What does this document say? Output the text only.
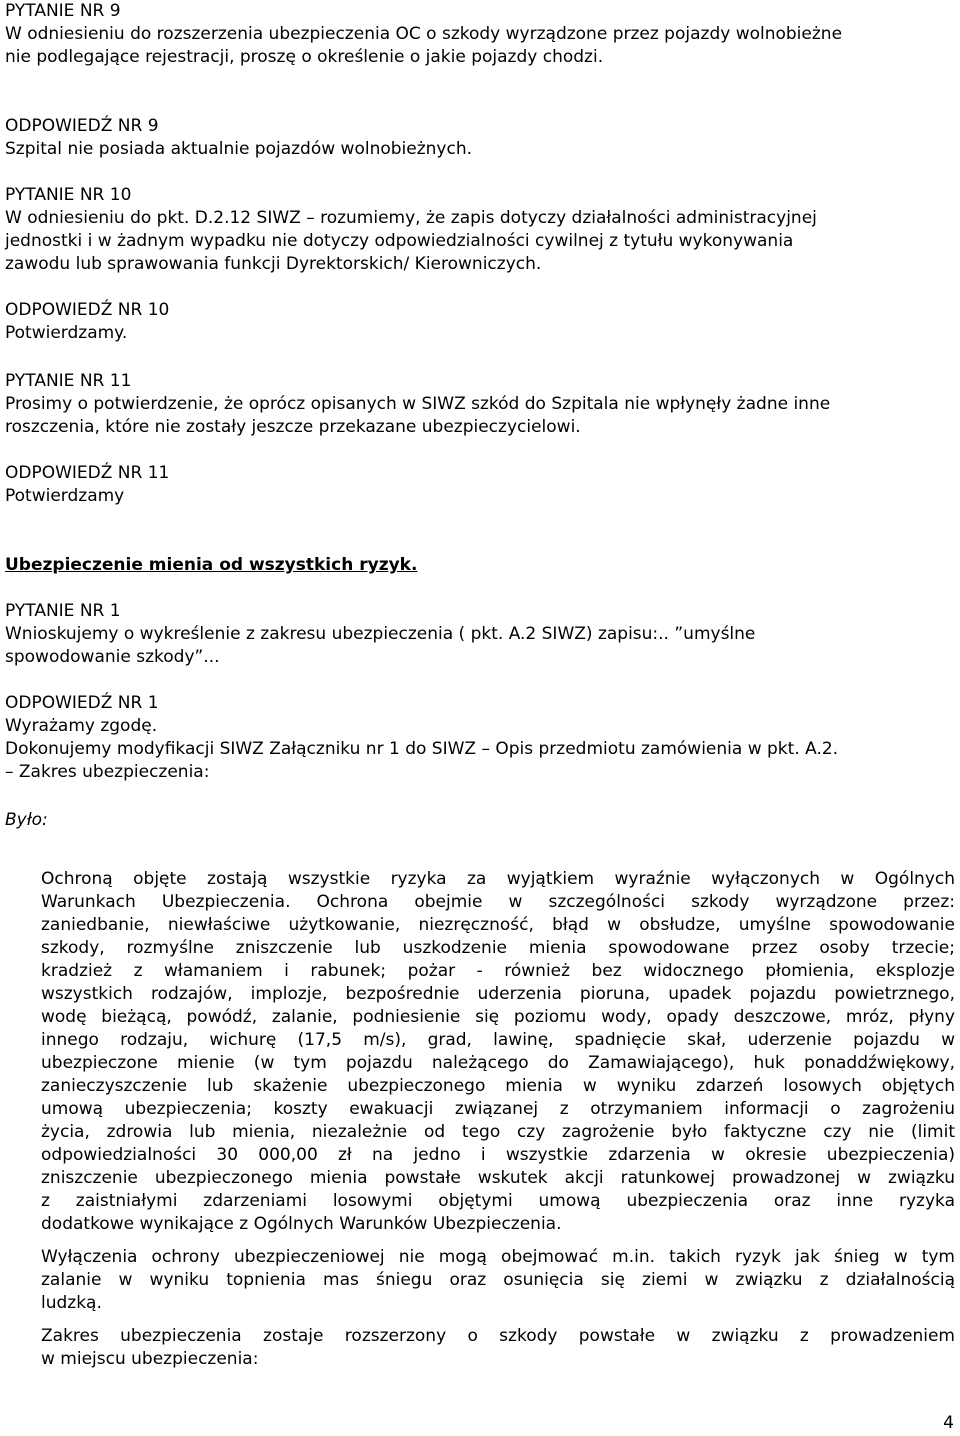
PYTANIE NR 9
W odniesieniu do rozszerzenia ubezpieczenia OC o szkody wyrządzone przez pojazdy wolnobieżne
nie podlegające rejestracji, proszę o określenie o jakie pojazdy chodzi.
ODPOWIEDŹ NR 9
Szpital nie posiada aktualnie pojazdów wolnobieżnych.
PYTANIE NR 10
W odniesieniu do pkt. D.2.12 SIWZ – rozumiemy, że zapis dotyczy działalności administracyjnej
jednostki i w żadnym wypadku nie dotyczy odpowiedzialności cywilnej z tytułu wykonywania
zawodu lub sprawowania funkcji Dyrektorskich/ Kierowniczych.
ODPOWIEDŹ NR 10
Potwierdzamy.
PYTANIE NR 11
Prosimy o potwierdzenie, że oprócz opisanych w SIWZ szkód do Szpitala nie wpłynęły żadne inne
roszczenia, które nie zostały jeszcze przekazane ubezpieczycielowi.
ODPOWIEDŹ NR 11
Potwierdzamy
Ubezpieczenie mienia od wszystkich ryzyk.
PYTANIE NR 1
Wnioskujemy o wykreślenie z zakresu ubezpieczenia ( pkt. A.2 SIWZ) zapisu:.. ”umyślne
spowodowanie szkody”...
ODPOWIEDŹ NR 1
Wyrażamy zgodę.
Dokonujemy modyfikacji SIWZ Załączniku nr 1 do SIWZ – Opis przedmiotu zamówienia w pkt. A.2.
– Zakres ubezpieczenia:
Było:
Ochroną objęte zostają wszystkie ryzyka za wyjątkiem wyraźnie wyłączonych w Ogólnych
Warunkach Ubezpieczenia. Ochrona obejmie w szczególności szkody wyrządzone przez:
zaniedbanie, niewłaściwe użytkowanie, niezręczność, błąd w obsłudze, umyślne spowodowanie
szkody, rozmyślne zniszczenie lub uszkodzenie mienia spowodowane przez osoby trzecie;
kradzież z włamaniem i rabunek; pożar - również bez widocznego płomienia, eksplozje
wszystkich rodzajów, implozje, bezpośrednie uderzenia pioruna, upadek pojazdu powietrznego,
wodę bieżącą, powódź, zalanie, podniesienie się poziomu wody, opady deszczowe, mróz, płyny
innego rodzaju, wichurę (17,5 m/s), grad, lawinę, spadnięcie skał, uderzenie pojazdu w
ubezpieczone mienie (w tym pojazdu należącego do Zamawiającego), huk ponaddźwiękowy,
zanieczyszczenie lub skażenie ubezpieczonego mienia w wyniku zdarzeń losowych objętych
umową ubezpieczenia; koszty ewakuacji związanej z otrzymaniem informacji o zagrożeniu
życia, zdrowia lub mienia, niezależnie od tego czy zagrożenie było faktyczne czy nie (limit
odpowiedzialności 30 000,00 zł na jedno i wszystkie zdarzenia w okresie ubezpieczenia)
zniszczenie ubezpieczonego mienia powstałe wskutek akcji ratunkowej prowadzonej w związku
z zaistniałymi zdarzeniami losowymi objętymi umową ubezpieczenia oraz inne ryzyka
dodatkowe wynikające z Ogólnych Warunków Ubezpieczenia.
Wyłączenia ochrony ubezpieczeniowej nie mogą obejmować m.in. takich ryzyk jak śnieg w tym
zalanie w wyniku topnienia mas śniegu oraz osunięcia się ziemi w związku z działalnością
ludzką.
Zakres ubezpieczenia zostaje rozszerzony o szkody powstałe w związku z prowadzeniem
w miejscu ubezpieczenia:
4
